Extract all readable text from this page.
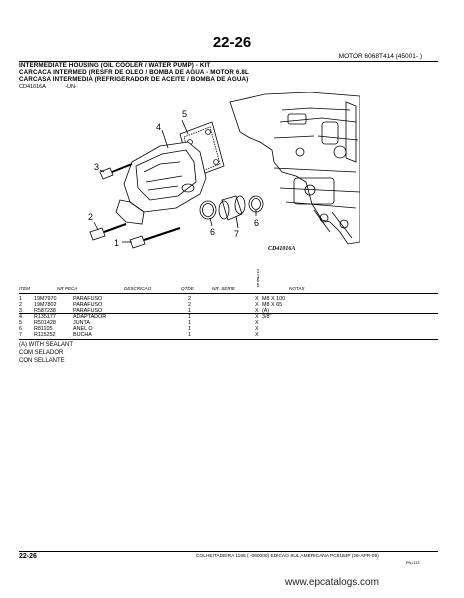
22-26
MOTOR 6068T414 (45001- )
INTERMEDIATE HOUSING (OIL COOLER / WATER PUMP) - KIT
CARCACA INTERMED (RESFR DE OLEO / BOMBA DE AGUA - MOTOR 6.8L
CARCASA INTERMEDIA (REFRIGERADOR DE ACEITE / BOMBA DE AGUA)
CD41016A	-UN-
5
4
3
2
1
6 7
6
CD41016A
1
1
6
5
ITEM	NR PECA	DESCRICAO	QTDE	NR. SERIE	NOTAS
1 19M7970	PARAFUSO	2	X M8 X 100
2 19M7802	PARAFUSO	2	X M8 X 65
3 R587238	PARAFUSO	1	X (A)
4 R135177	ADAPTADOR	1	X 3/8"
5 R501428	JUNTA	1	X
6 R81105	ANEL O	1	X
7 R115252	BUCHA	1	X
(A) WITH SEALANT
COM SELADOR
CON SELLANTE
22-26	COLHEITADEIRA 1165 ( -060000) EDICAO SUL AMERICANA PC8184P (29-APR-09)
PN=113
www.epcatalogs.com
